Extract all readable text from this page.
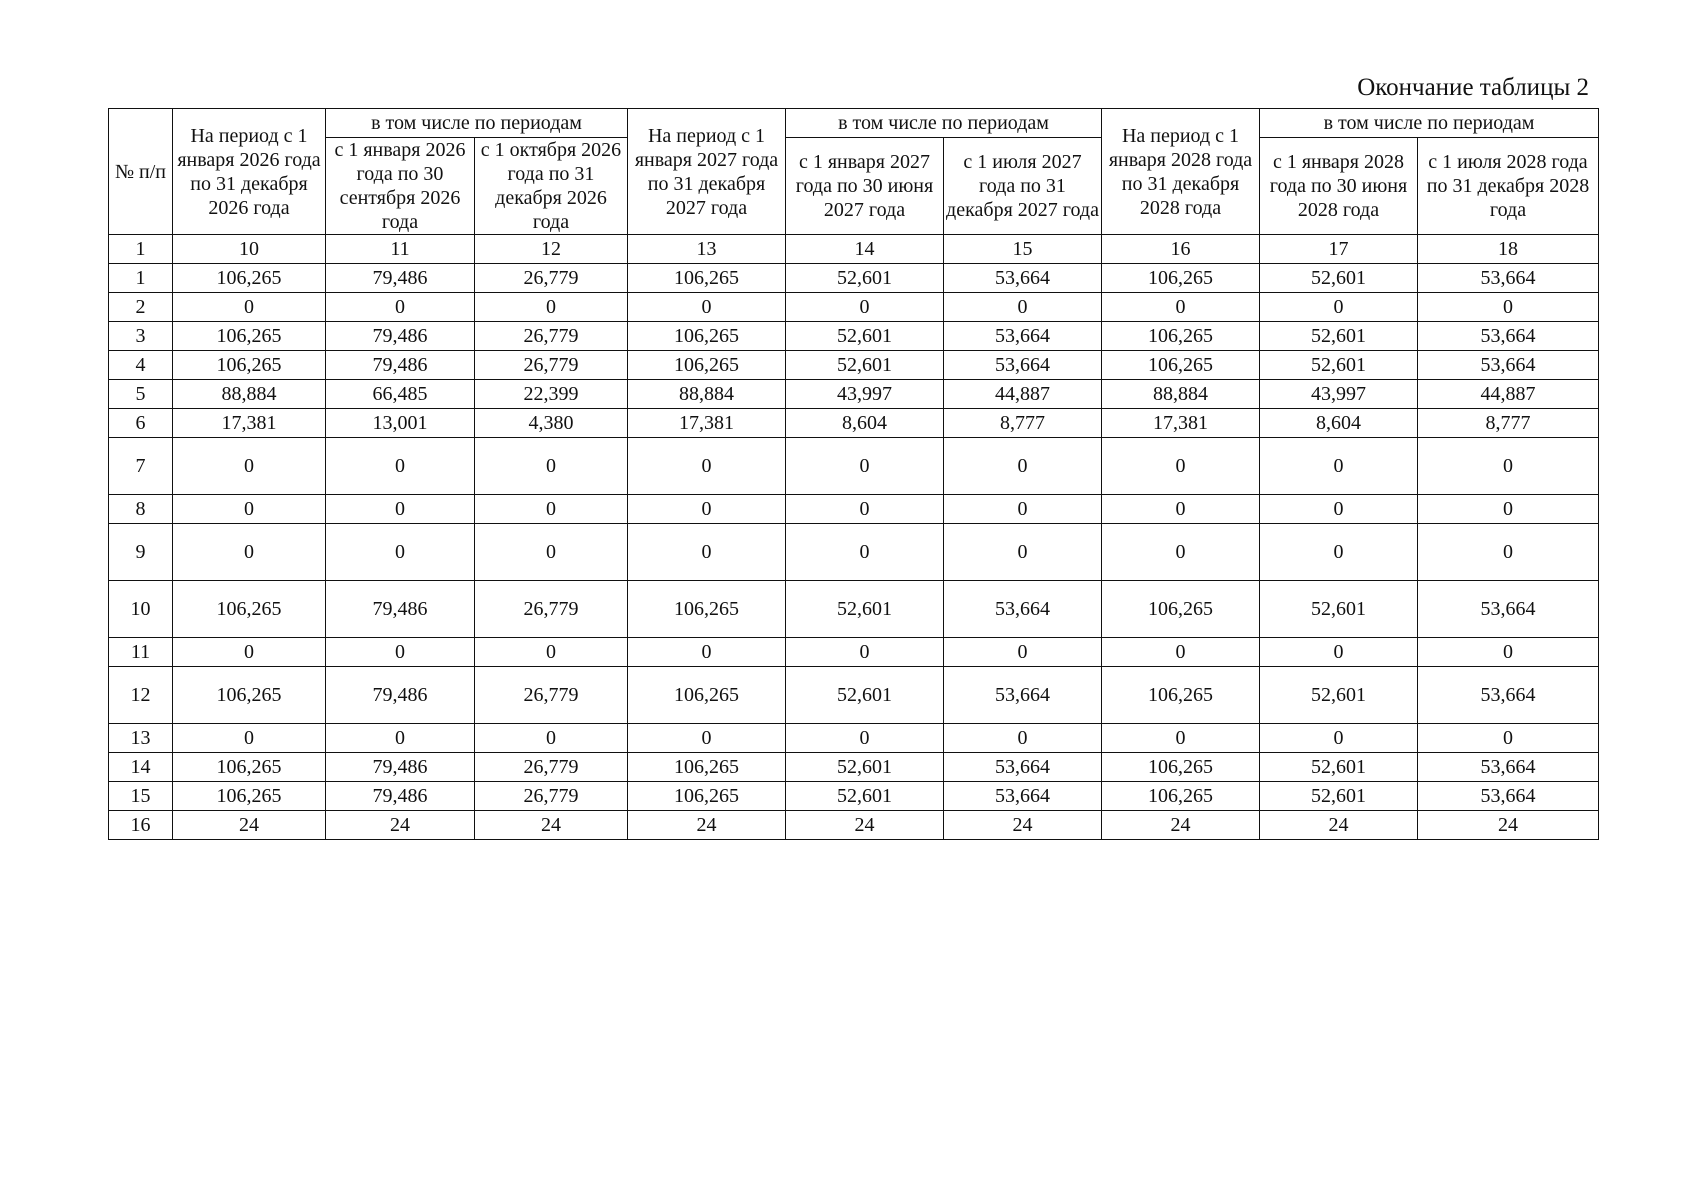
Окончание таблицы 2
№ п/п	На период с 1 января 2026 года по 31 декабря 2026 года	в том числе по периодам		На период с 1 января 2027 года по 31 декабря 2027 года	в том числе по периодам		На период с 1 января 2028 года по 31 декабря 2028 года	в том числе по периодам	
		с 1 января 2026 года по 30 сентября 2026 года	с 1 октября 2026 года по 31 декабря 2026 года		с 1 января 2027 года по 30 июня 2027 года	с 1 июля 2027 года по 31 декабря 2027 года		с 1 января 2028 года по 30 июня 2028 года	с 1 июля 2028 года по 31 декабря 2028 года
1	10	11	12	13	14	15	16	17	18
1	106,265	79,486	26,779	106,265	52,601	53,664	106,265	52,601	53,664
2	0	0	0	0	0	0	0	0	0
3	106,265	79,486	26,779	106,265	52,601	53,664	106,265	52,601	53,664
4	106,265	79,486	26,779	106,265	52,601	53,664	106,265	52,601	53,664
5	88,884	66,485	22,399	88,884	43,997	44,887	88,884	43,997	44,887
6	17,381	13,001	4,380	17,381	8,604	8,777	17,381	8,604	8,777
7	0	0	0	0	0	0	0	0	0
8	0	0	0	0	0	0	0	0	0
9	0	0	0	0	0	0	0	0	0
10	106,265	79,486	26,779	106,265	52,601	53,664	106,265	52,601	53,664
11	0	0	0	0	0	0	0	0	0
12	106,265	79,486	26,779	106,265	52,601	53,664	106,265	52,601	53,664
13	0	0	0	0	0	0	0	0	0
14	106,265	79,486	26,779	106,265	52,601	53,664	106,265	52,601	53,664
15	106,265	79,486	26,779	106,265	52,601	53,664	106,265	52,601	53,664
16	24	24	24	24	24	24	24	24	24
